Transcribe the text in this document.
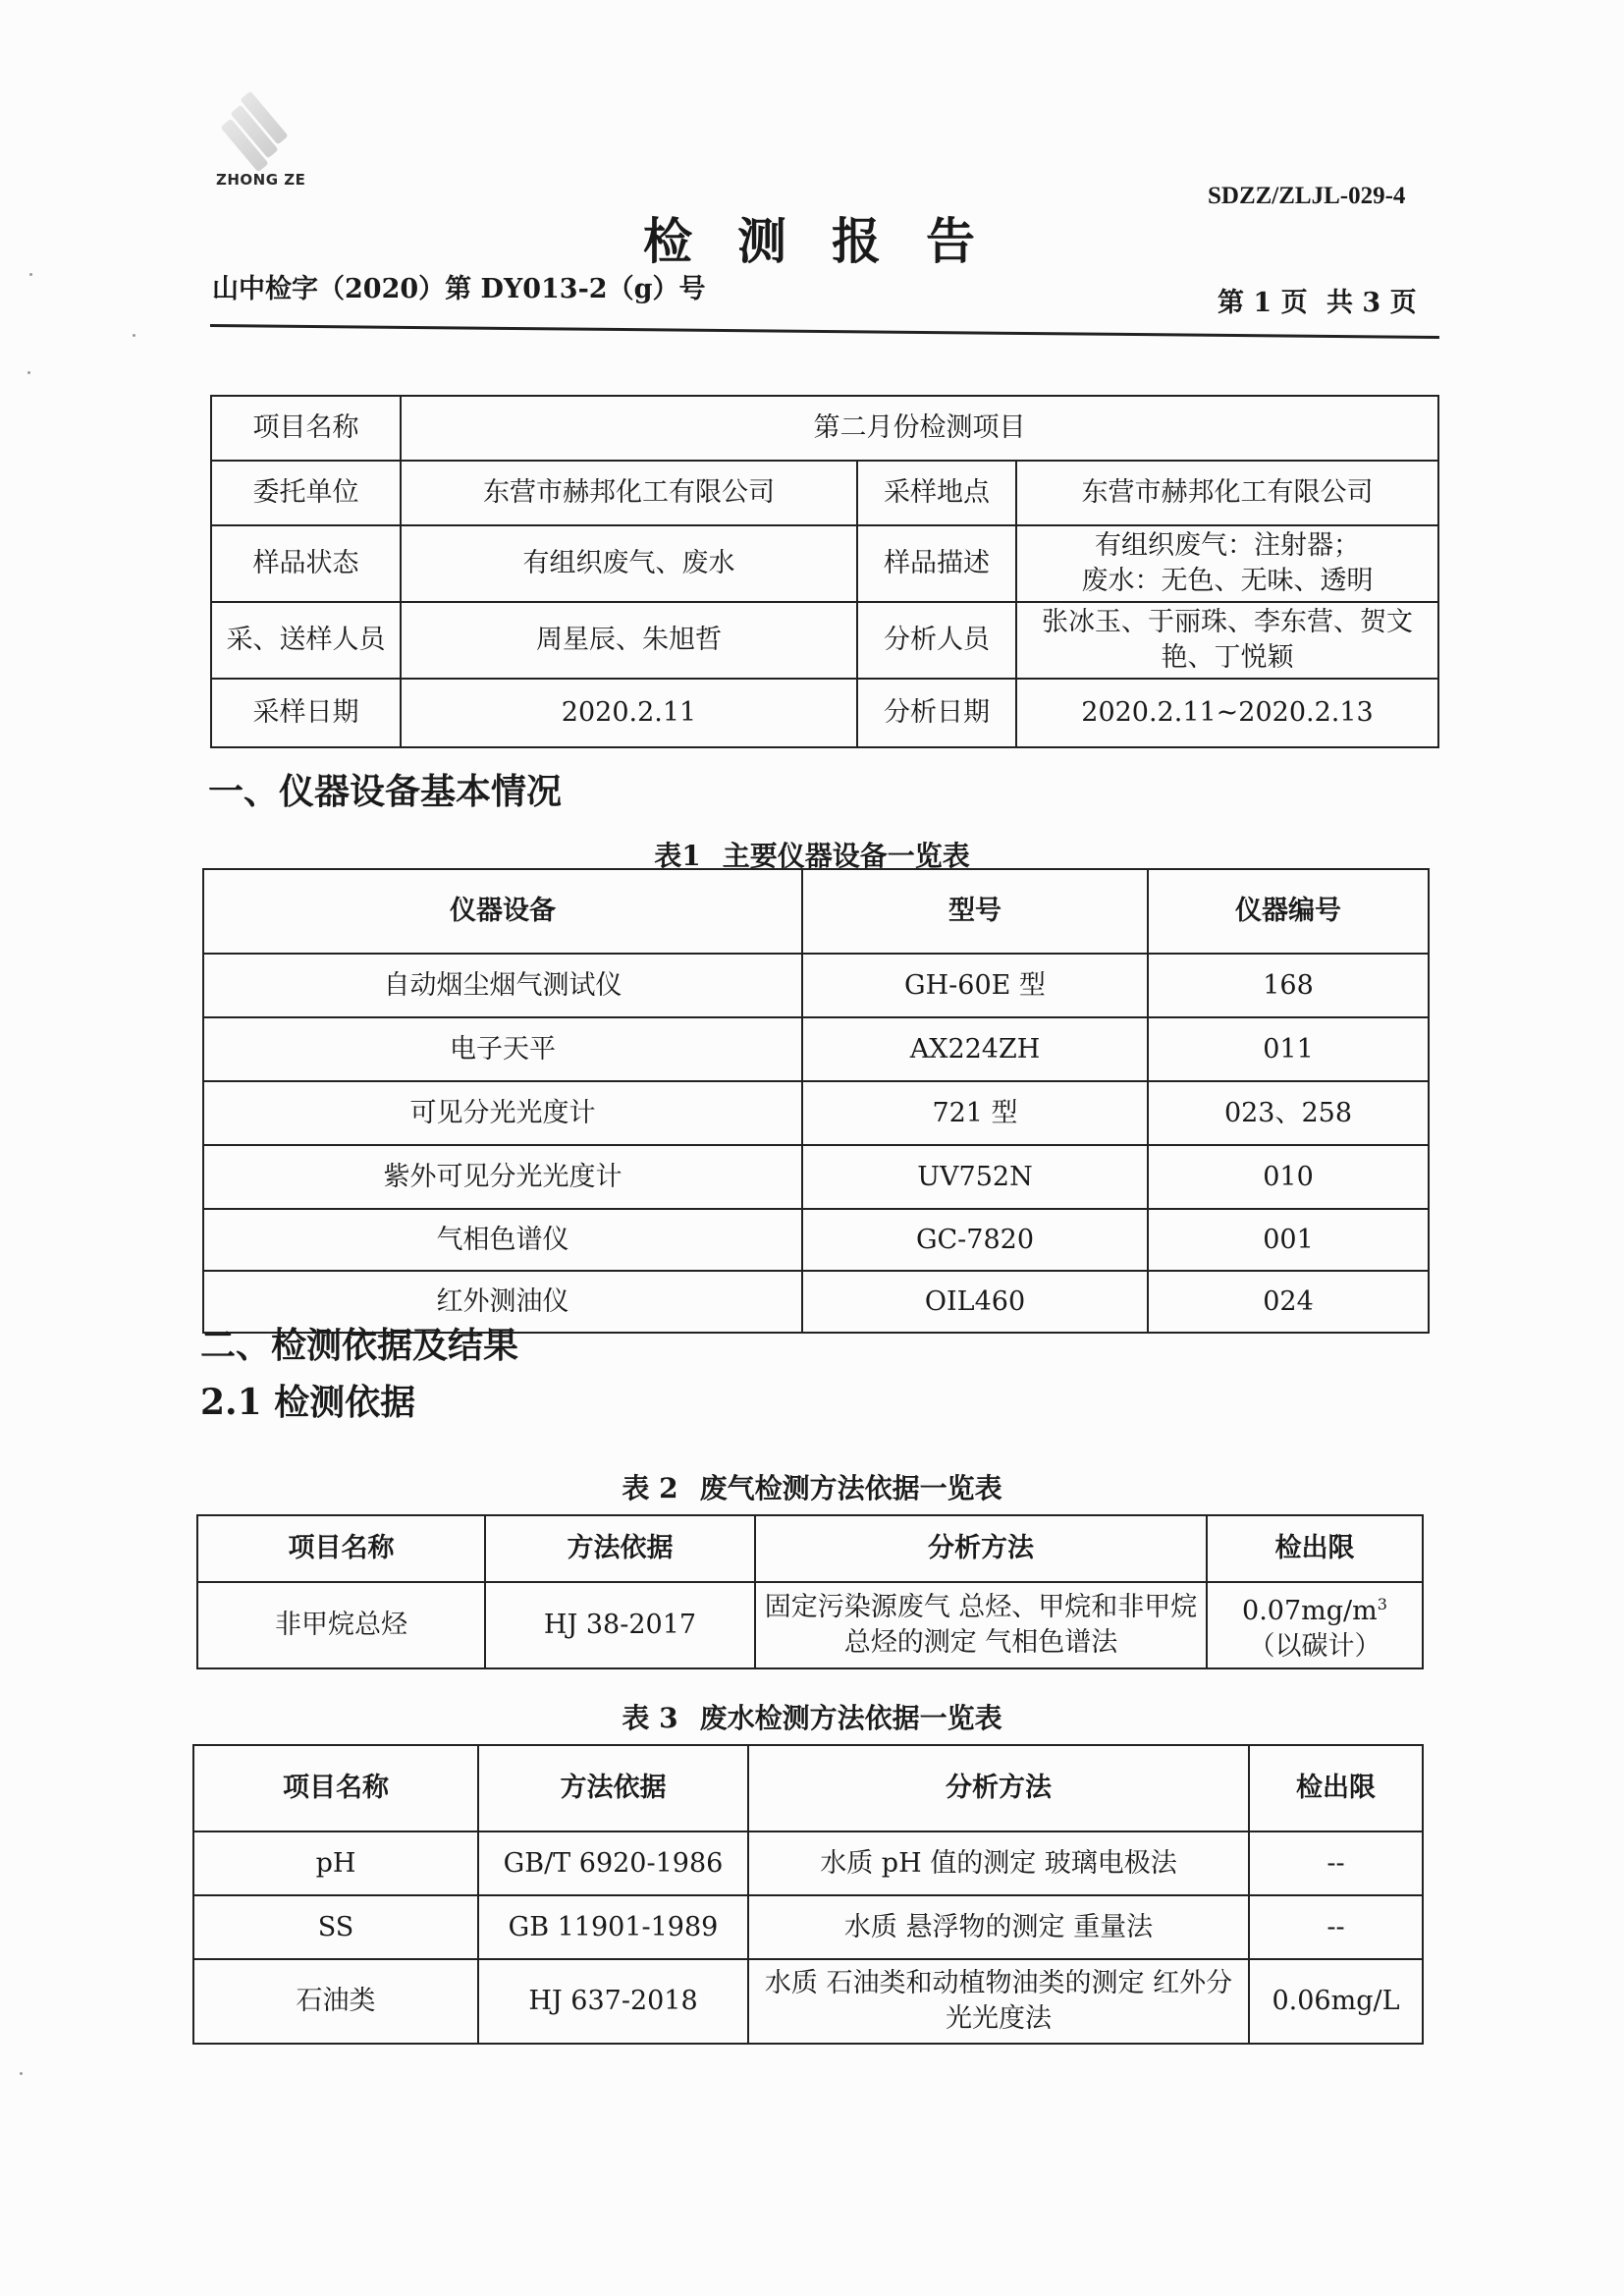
ZHONG ZE
SDZZ/ZLJL-029-4
检测报告
山中检字（2020）第 DY013-2（g）号	第 1 页 共 3 页
项目名称	第二月份检测项目		
委托单位	东营市赫邦化工有限公司	采样地点	东营市赫邦化工有限公司
样品状态	有组织废气、废水	样品描述	有组织废气：注射器；
废水：无色、无味、透明

采、送样人员	周星辰、朱旭哲	分析人员	张冰玉、于丽珠、李东营、贺文艳、丁悦颖
采样日期	2020.2.11	分析日期	2020.2.11~2020.2.13
一、仪器设备基本情况
表1 主要仪器设备一览表
仪器设备	型号	仪器编号
自动烟尘烟气测试仪	GH-60E 型	168
电子天平	AX224ZH	011
可见分光光度计	721 型	023、258
紫外可见分光光度计	UV752N	010
气相色谱仪	GC-7820	001
红外测油仪	OIL460	024
二、检测依据及结果
2.1 检测依据
表 2 废气检测方法依据一览表
项目名称	方法依据	分析方法	检出限
非甲烷总烃	HJ 38-2017	固定污染源废气 总烃、甲烷和非甲烷总烃的测定 气相色谱法	$0.07mg/m^3$
（以碳计）
表 3 废水检测方法依据一览表
项目名称	方法依据	分析方法	检出限
pH	GB/T 6920-1986	水质 pH 值的测定 玻璃电极法	--
SS	GB 11901-1989	水质 悬浮物的测定 重量法	--
石油类	HJ 637-2018	水质 石油类和动植物油类的测定 红外分光光度法	0.06mg/L
